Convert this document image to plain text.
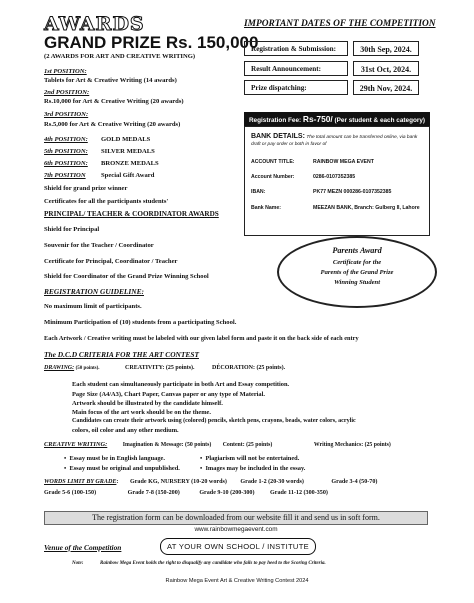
AWARDS
GRAND PRIZE Rs. 150,000
(2 AWARDS FOR ART AND CREATIVE WRITING)
1st POSITION:
Tablets for Art & Creative Writing (14 awards)
2nd POSITION:
Rs.10,000 for Art & Creative Writing (20 awards)
3rd POSITION:
Rs.5,000 for Art & Creative Writing (20 awards)
4th POSITION: GOLD MEDALS
5th POSITION: SILVER MEDALS
6th POSITION: BRONZE MEDALS
7th POSITION Special Gift Award
Shield for grand prize winner
Certificates for all the participants students'
PRINCIPAL/ TEACHER & COORDINATOR AWARDS
Shield for Principal
Souvenir for the Teacher / Coordinator
Certificate for Principal, Coordinator / Teacher
Shield for Coordinator of the Grand Prize Winning School
IMPORTANT DATES OF THE COMPETITION
Registration & Submission:	30th Sep, 2024.
Result Announcement:	31st Oct, 2024.
Prize dispatching:	29th Nov, 2024.
Registration Fee: Rs-750/ (Per student & each category)
BANK DETAILS: The total amount can be transferred online, via bank draft or pay order or both in favor of
ACCOUNT TITLE:	RAINBOW MEGA EVENT
Account Number:	0286-0107352385
IBAN:	PK77 MEZN 000286-0107352385
Bank Name:	MEEZAN BANK, Branch: Gulberg II, Lahore
Parents Award
Certificate for the
Parents of the Grand Prize
Winning Student
REGISTRATION GUIDELINE:
No maximum limit of participants.
Minimum Participation of (10) students from a participating School.
Each Artwork / Creative writing must be labeled with our given label form and paste it on the back side of each entry
The D.C.D CRITERIA FOR THE ART CONTEST
DRAWING: (50 points).	CREATIVITY: (25 points).	DÉCORATION: (25 points).
Each student can simultaneously participate in both Art and Essay competition.
Page Size (A4/A3), Chart Paper, Canvas paper or any type of Material.
Artwork should be illustrated by the candidate himself.
Main focus of the art work should be on the theme.
Candidates can create their artwork using (colored) pencils, sketch pens, crayons, beads, water colors, acrylic
colors, oil color and any other medium.
CREATIVE WRITING:	Imagination & Message: (50 points) Content: (25 points)	Writing Mechanics: (25 points)
•  Essay must be in English language.	•  Plagiarism will not be entertained.
•  Essay must be original and unpublished.	•  Images may be included in the essay.
WORDS LIMIT BY GRADE: Grade KG, NURSERY (10-20 words) Grade 1-2 (20-30 words)	Grade 3-4 (50-70)
Grade 5-6 (100-150)	Grade 7-8 (150-200)	Grade 9-10 (200-300)	Grade 11-12 (300-350)
The registration form can be downloaded from our website fill it and send us in soft form.
www.rainbowmegaevent.com
Venue of the Competition	AT YOUR OWN SCHOOL / INSTITUTE
Note:	Rainbow Mega Event holds the right to disqualify any candidate who fails to pay heed to the Scoring Criteria.
Rainbow Mega Event Art & Creative Writing Contest 2024
